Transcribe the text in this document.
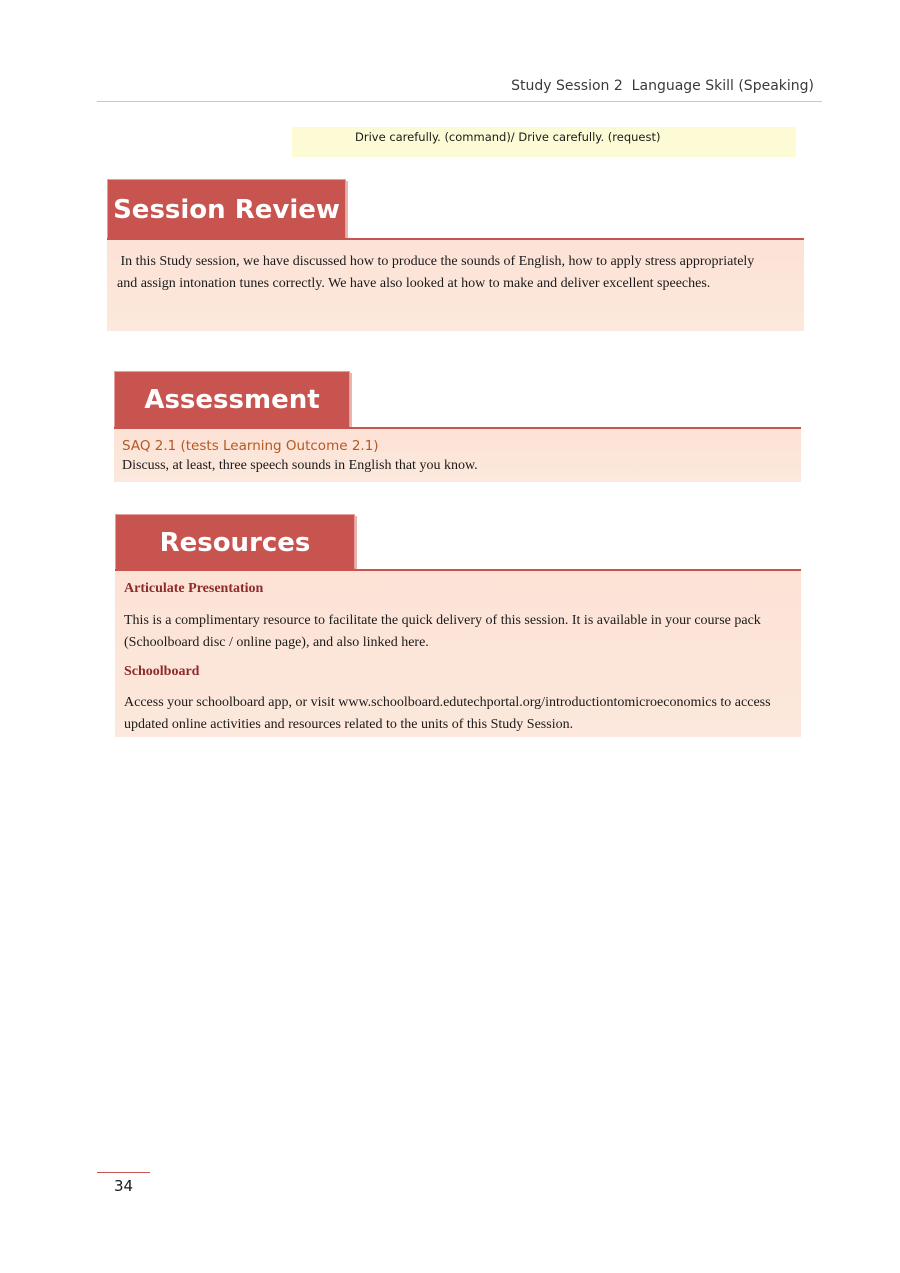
Study Session 2  Language Skill (Speaking)
Drive carefully. (command)/ Drive carefully. (request)
Session Review
In this Study session, we have discussed how to produce the sounds of English, how to apply stress appropriately and assign intonation tunes correctly. We have also looked at how to make and deliver excellent speeches.
Assessment
SAQ 2.1 (tests Learning Outcome 2.1)
Discuss, at least, three speech sounds in English that you know.
Resources
Articulate Presentation
This is a complimentary resource to facilitate the quick delivery of this session. It is available in your course pack (Schoolboard disc / online page), and also linked here.
Schoolboard
Access your schoolboard app, or visit www.schoolboard.edutechportal.org/introductiontomicroeconomics to access updated online activities and resources related to the units of this Study Session.
34
